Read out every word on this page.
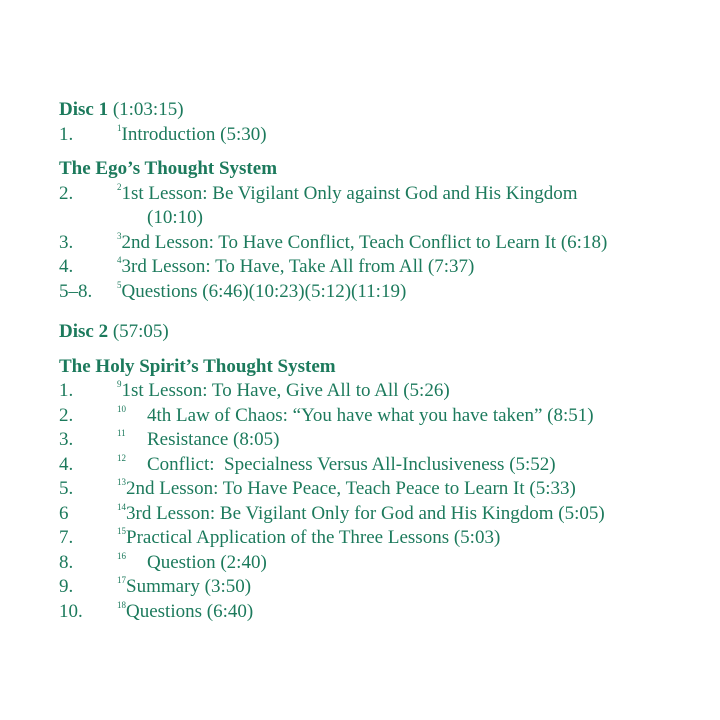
Disc 1 (1:03:15)
1.	$^1$Introduction (5:30)
The Ego’s Thought System
2.	$^2$1st Lesson: Be Vigilant Only against God and His Kingdom
(10:10)
3.	$^3$2nd Lesson: To Have Conflict, Teach Conflict to Learn It (6:18)
4.	$^4$3rd Lesson: To Have, Take All from All (7:37)
5–8.	$^5$Questions (6:46)(10:23)(5:12)(11:19)
Disc 2 (57:05)
The Holy Spirit’s Thought System
1.	$^9$1st Lesson: To Have, Give All to All (5:26)
2.	10 4th Law of Chaos: “You have what you have taken” (8:51)
3.	11 Resistance (8:05)
4.	12 Conflict:  Specialness Versus All-Inclusiveness (5:52)
5.	$^{13}$2nd Lesson: To Have Peace, Teach Peace to Learn It (5:33)
6	$^{14}$3rd Lesson: Be Vigilant Only for God and His Kingdom (5:05)
7.	$^{15}$Practical Application of the Three Lessons (5:03)
8.	16 Question (2:40)
9.	$^{17}$Summary (3:50)
10.	$^{18}$Questions (6:40)
